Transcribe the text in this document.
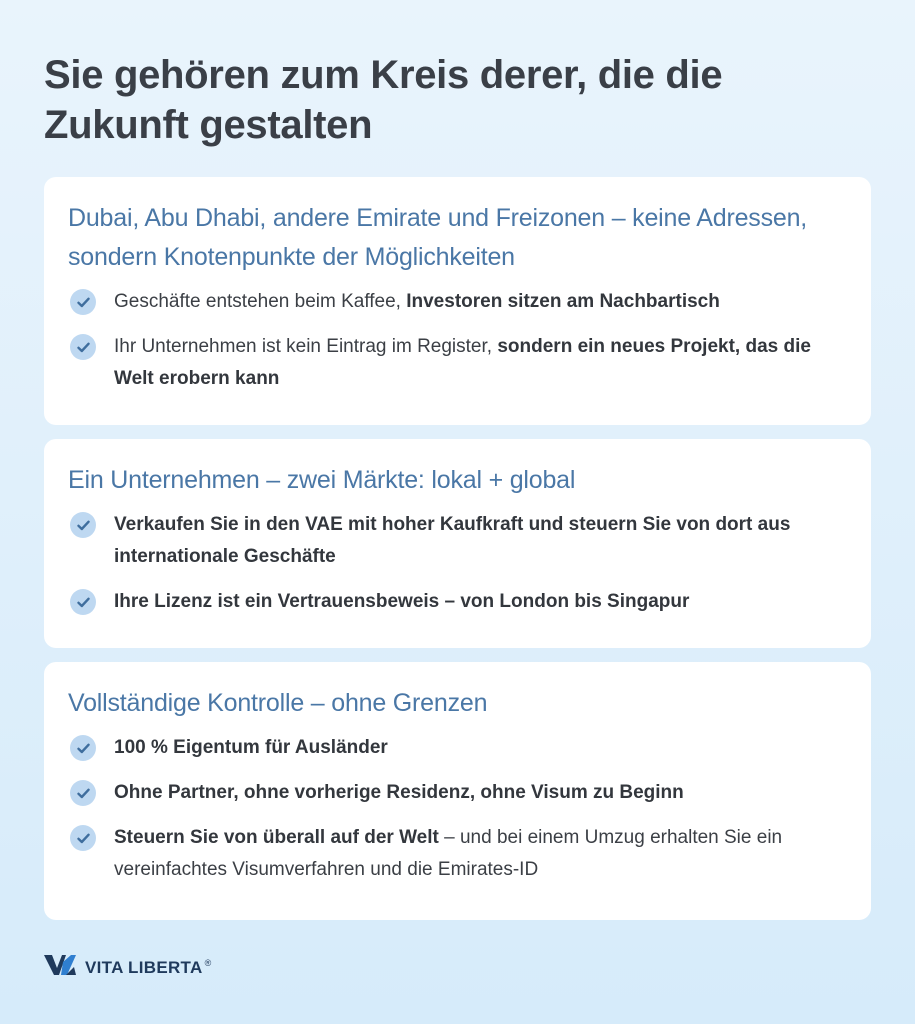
Sie gehören zum Kreis derer, die die Zukunft gestalten
Dubai, Abu Dhabi, andere Emirate und Freizonen – keine Adressen, sondern Knotenpunkte der Möglichkeiten
Geschäfte entstehen beim Kaffee, Investoren sitzen am Nachbartisch
Ihr Unternehmen ist kein Eintrag im Register, sondern ein neues Projekt, das die Welt erobern kann
Ein Unternehmen – zwei Märkte: lokal + global
Verkaufen Sie in den VAE mit hoher Kaufkraft und steuern Sie von dort aus internationale Geschäfte
Ihre Lizenz ist ein Vertrauensbeweis – von London bis Singapur
Vollständige Kontrolle – ohne Grenzen
100 % Eigentum für Ausländer
Ohne Partner, ohne vorherige Residenz, ohne Visum zu Beginn
Steuern Sie von überall auf der Welt – und bei einem Umzug erhalten Sie ein vereinfachtes Visumverfahren und die Emirates-ID
VITA LIBERTA ®
